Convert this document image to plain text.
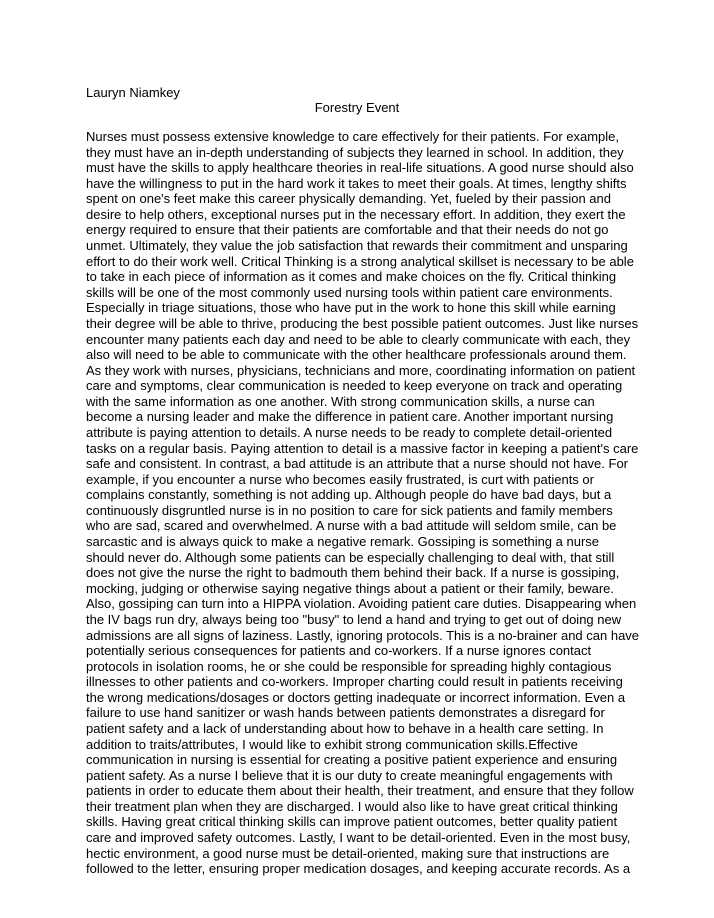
Lauryn Niamkey
Forestry Event
Nurses must possess extensive knowledge to care effectively for their patients. For example,
they must have an in-depth understanding of subjects they learned in school. In addition, they
must have the skills to apply healthcare theories in real-life situations. A good nurse should also
have the willingness to put in the hard work it takes to meet their goals. At times, lengthy shifts
spent on one's feet make this career physically demanding. Yet, fueled by their passion and
desire to help others, exceptional nurses put in the necessary effort. In addition, they exert the
energy required to ensure that their patients are comfortable and that their needs do not go
unmet. Ultimately, they value the job satisfaction that rewards their commitment and unsparing
effort to do their work well. Critical Thinking is a strong analytical skillset is necessary to be able
to take in each piece of information as it comes and make choices on the fly. Critical thinking
skills will be one of the most commonly used nursing tools within patient care environments.
Especially in triage situations, those who have put in the work to hone this skill while earning
their degree will be able to thrive, producing the best possible patient outcomes. Just like nurses
encounter many patients each day and need to be able to clearly communicate with each, they
also will need to be able to communicate with the other healthcare professionals around them.
As they work with nurses, physicians, technicians and more, coordinating information on patient
care and symptoms, clear communication is needed to keep everyone on track and operating
with the same information as one another. With strong communication skills, a nurse can
become a nursing leader and make the difference in patient care. Another important nursing
attribute is paying attention to details. A nurse needs to be ready to complete detail-oriented
tasks on a regular basis. Paying attention to detail is a massive factor in keeping a patient's care
safe and consistent. In contrast, a bad attitude is an attribute that a nurse should not have. For
example, if you encounter a nurse who becomes easily frustrated, is curt with patients or
complains constantly, something is not adding up. Although people do have bad days, but a
continuously disgruntled nurse is in no position to care for sick patients and family members
who are sad, scared and overwhelmed. A nurse with a bad attitude will seldom smile, can be
sarcastic and is always quick to make a negative remark. Gossiping is something a nurse
should never do. Although some patients can be especially challenging to deal with, that still
does not give the nurse the right to badmouth them behind their back. If a nurse is gossiping,
mocking, judging or otherwise saying negative things about a patient or their family, beware.
Also, gossiping can turn into a HIPPA violation. Avoiding patient care duties. Disappearing when
the IV bags run dry, always being too "busy" to lend a hand and trying to get out of doing new
admissions are all signs of laziness. Lastly, ignoring protocols. This is a no-brainer and can have
potentially serious consequences for patients and co-workers. If a nurse ignores contact
protocols in isolation rooms, he or she could be responsible for spreading highly contagious
illnesses to other patients and co-workers. Improper charting could result in patients receiving
the wrong medications/dosages or doctors getting inadequate or incorrect information. Even a
failure to use hand sanitizer or wash hands between patients demonstrates a disregard for
patient safety and a lack of understanding about how to behave in a health care setting. In
addition to traits/attributes, I would like to exhibit strong communication skills.Effective
communication in nursing is essential for creating a positive patient experience and ensuring
patient safety. As a nurse I believe that it is our duty to create meaningful engagements with
patients in order to educate them about their health, their treatment, and ensure that they follow
their treatment plan when they are discharged. I would also like to have great critical thinking
skills. Having great critical thinking skills can improve patient outcomes, better quality patient
care and improved safety outcomes. Lastly, I want to be detail-oriented. Even in the most busy,
hectic environment, a good nurse must be detail-oriented, making sure that instructions are
followed to the letter, ensuring proper medication dosages, and keeping accurate records. As a
